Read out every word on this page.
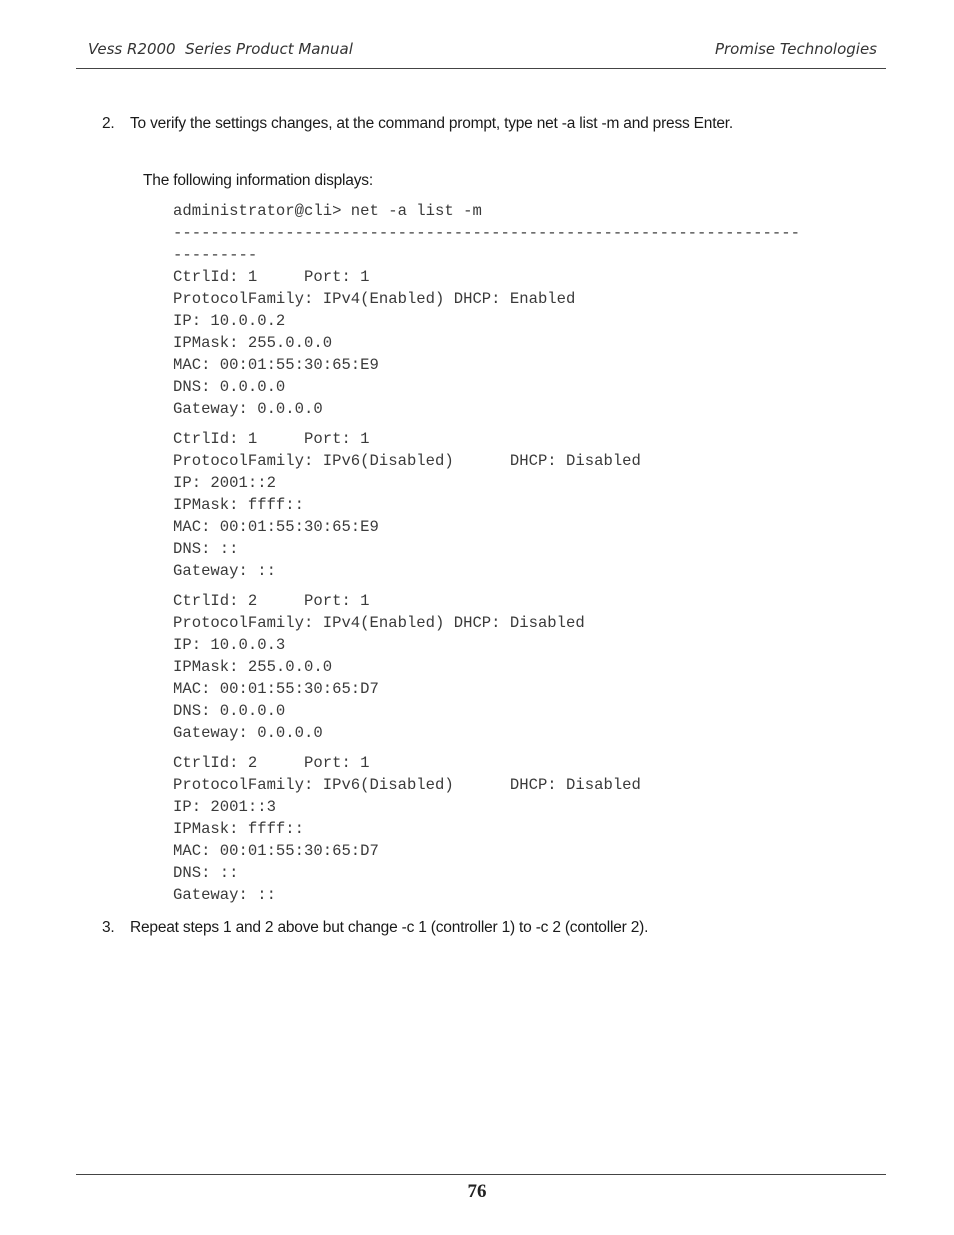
Vess R2000  Series Product Manual	Promise Technologies
2. To verify the settings changes, at the command prompt, type net -a list -m and press Enter.
The following information displays:
administrator@cli> net -a list -m
-------------------------------------------------------------------
---------
CtrlId: 1     Port: 1
ProtocolFamily: IPv4(Enabled) DHCP: Enabled
IP: 10.0.0.2
IPMask: 255.0.0.0
MAC: 00:01:55:30:65:E9
DNS: 0.0.0.0
Gateway: 0.0.0.0
CtrlId: 1     Port: 1
ProtocolFamily: IPv6(Disabled)      DHCP: Disabled
IP: 2001::2
IPMask: ffff::
MAC: 00:01:55:30:65:E9
DNS: ::
Gateway: ::
CtrlId: 2     Port: 1
ProtocolFamily: IPv4(Enabled) DHCP: Disabled
IP: 10.0.0.3
IPMask: 255.0.0.0
MAC: 00:01:55:30:65:D7
DNS: 0.0.0.0
Gateway: 0.0.0.0
CtrlId: 2     Port: 1
ProtocolFamily: IPv6(Disabled)      DHCP: Disabled
IP: 2001::3
IPMask: ffff::
MAC: 00:01:55:30:65:D7
DNS: ::
Gateway: ::
3. Repeat steps 1 and 2 above but change -c 1 (controller 1) to -c 2 (contoller 2).
76
